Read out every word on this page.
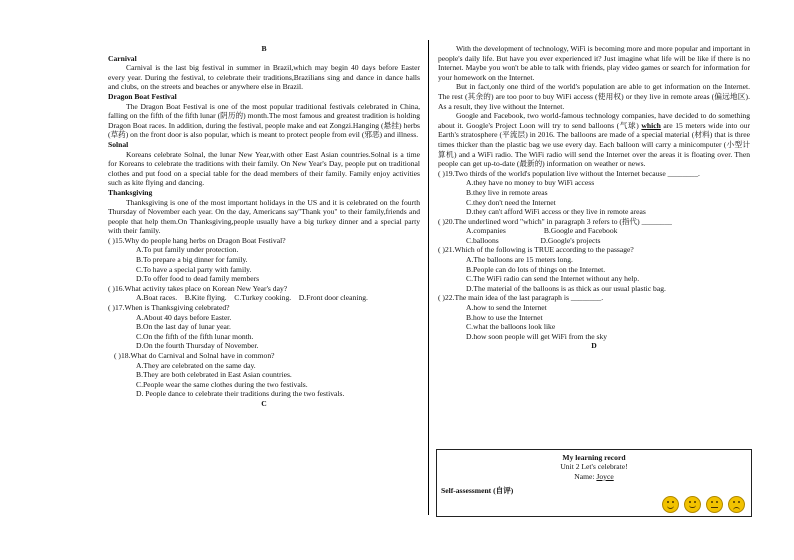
B
Carnival

Carnival is the last big festival in summer in Brazil,which may begin 40 days before Easter every year. During the festival, to celebrate their traditions,Brazilians sing and dance in dance halls and clubs, on the streets and beaches or anywhere else in Brazil.

Dragon Boat Festival

The Dragon Boat Festival is one of the most popular traditional festivals celebrated in China, falling on the fifth of the fifth lunar (阴历的) month.The most famous and greatest tradition is holding Dragon Boat races. In addition, during the festival, people make and eat Zongzi.Hanging (悬挂) herbs (草药) on the front door is also popular, which is meant to protect people from evil (邪恶) and illness.

Solnal

Koreans celebrate Solnal, the lunar New Year,with other East Asian countries.Solnal is a time for Koreans to celebrate the traditions with their family. On New Year's Day, people put on traditional clothes and put food on a special table for the dead members of their family. Family enjoy activities such as kite flying and dancing.

Thanksgiving

Thanksgiving is one of the most important holidays in the US and it is celebrated on the fourth Thursday of November each year. On the day, Americans say"Thank you" to their family,friends and people that help them.On Thanksgiving,people usually have a big turkey dinner and a special party with their family.

( )15.Why do people hang herbs on Dragon Boat Festival?
A.To put family under protection.
B.To prepare a big dinner for family.
C.To have a special party with family.
D.To offer food to dead family members
( )16.What activity takes place on Korean New Year's day?
A.Boat races.    B.Kite flying.    C.Turkey cooking.    D.Front door cleaning.
( )17.When is Thanksgiving celebrated?
A.About 40 days before Easter.
B.On the last day of lunar year.
C.On the fifth of the fifth lunar month.
D.On the fourth Thursday of November.
( )18.What do Carnival and Solnal have in common?
A.They are celebrated on the same day.
B.They are both celebrated in East Asian countries.
C.People wear the same clothes during the two festivals.
D. People dance to celebrate their traditions during the two festivals.
C

With the development of technology, WiFi is becoming more and more popular and important in people's daily life. But have you ever experienced it? Just imagine what life will be like if there is no Internet. Maybe you won't be able to talk with friends, play video games or search for information for your homework on the Internet.

But in fact,only one third of the world's population are able to get information on the Internet. The rest (其余的) are too poor to buy WiFi access (使用权) or they live in remote areas (偏远地区). As a result, they live without the Internet.

Google and Facebook, two world-famous technology companies, have decided to do something about it. Google's Project Loon will try to send balloons (气球) which are 15 meters wide into our Earth's stratosphere (平流层) in 2016. The balloons are made of a special material (材料) that is three times thicker than the plastic bag we use every day. Each balloon will carry a minicomputer (小型计算机) and a WiFi radio. The WiFi radio will send the Internet over the areas it is floating over. Then people can get up-to-date (最新的) information on weather or news.

( )19.Two thirds of the world's population live without the Internet because ________.
A.they have no money to buy WiFi access
B.they live in remote areas
C.they don't need the Internet
D.they can't afford WiFi access or they live in remote areas
( )20.The underlined word "which" in paragraph 3 refers to (指代) ________
A.companies                    B.Google and Facebook
C.balloons                      D.Google's projects
( )21.Which of the following is TRUE according to the passage?
A.The balloons are 15 meters long.
B.People can do lots of things on the Internet.
C.The WiFi radio can send the Internet without any help.
D.The material of the balloons is as thick as our usual plastic bag.
( )22.The main idea of the last paragraph is ________.
A.how to send the Internet
B.how to use the Internet
C.what the balloons look like
D.how soon people will get WiFi from the sky
D
My learning record
Unit 2 Let's celebrate!
Name: Joyce
Self-assessment (自评)
